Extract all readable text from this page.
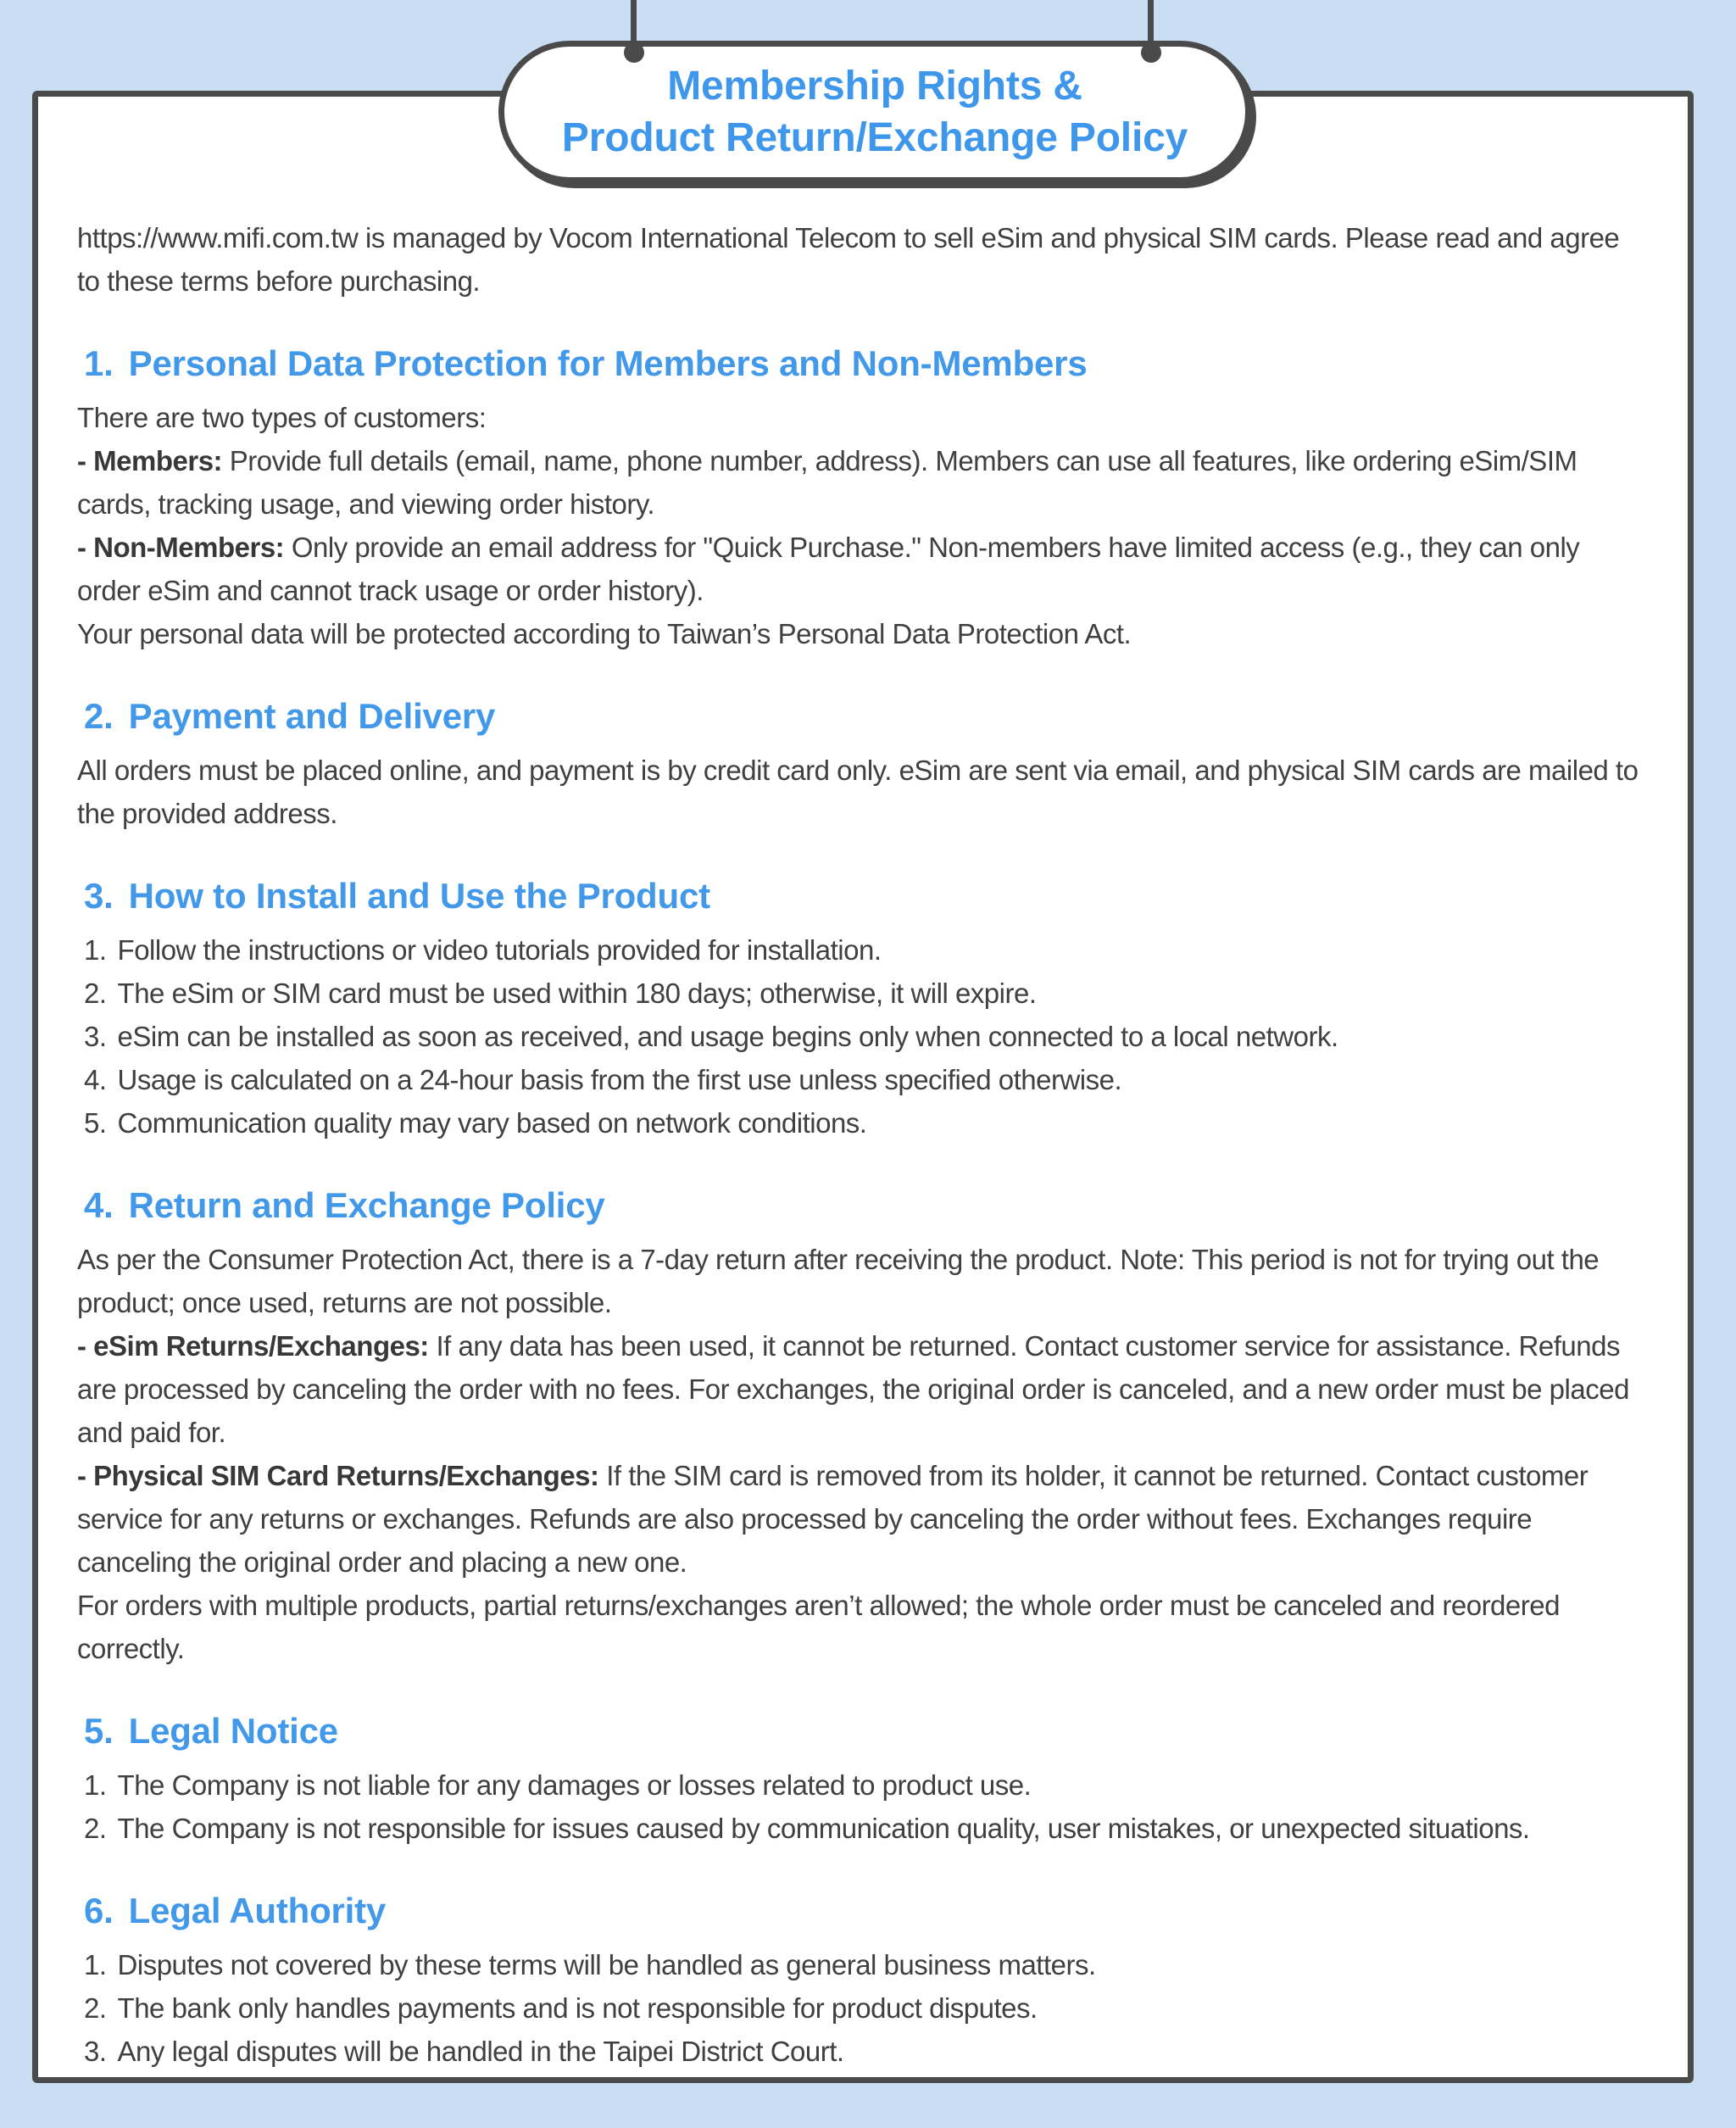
https://www.mifi.com.tw is managed by Vocom International Telecom to sell eSim and physical SIM cards. Please read and agree to these terms before purchasing.

1. Personal Data Protection for Members and Non-Members

There are two types of customers:

- Members: Provide full details (email, name, phone number, address). Members can use all features, like ordering eSim/SIM cards, tracking usage, and viewing order history.

- Non-Members: Only provide an email address for "Quick Purchase." Non-members have limited access (e.g., they can only order eSim and cannot track usage or order history).

Your personal data will be protected according to Taiwan’s Personal Data Protection Act.

2. Payment and Delivery

All orders must be placed online, and payment is by credit card only. eSim are sent via email, and physical SIM cards are mailed to the provided address.

3. How to Install and Use the Product
1. Follow the instructions or video tutorials provided for installation.
2. The eSim or SIM card must be used within 180 days; otherwise, it will expire.
3. eSim can be installed as soon as received, and usage begins only when connected to a local network.
4. Usage is calculated on a 24-hour basis from the first use unless specified otherwise.
5. Communication quality may vary based on network conditions.
4. Return and Exchange Policy

As per the Consumer Protection Act, there is a 7-day return after receiving the product. Note: This period is not for trying out the product; once used, returns are not possible.

- eSim Returns/Exchanges: If any data has been used, it cannot be returned. Contact customer service for assistance. Refunds are processed by canceling the order with no fees. For exchanges, the original order is canceled, and a new order must be placed and paid for.

- Physical SIM Card Returns/Exchanges: If the SIM card is removed from its holder, it cannot be returned. Contact customer service for any returns or exchanges. Refunds are also processed by canceling the order without fees. Exchanges require canceling the original order and placing a new one.

For orders with multiple products, partial returns/exchanges aren’t allowed; the whole order must be canceled and reordered correctly.

5. Legal Notice
1. The Company is not liable for any damages or losses related to product use.
2. The Company is not responsible for issues caused by communication quality, user mistakes, or unexpected situations.
6. Legal Authority
1. Disputes not covered by these terms will be handled as general business matters.
2. The bank only handles payments and is not responsible for product disputes.
3. Any legal disputes will be handled in the Taipei District Court.
Membership Rights &
Product Return/Exchange Policy
